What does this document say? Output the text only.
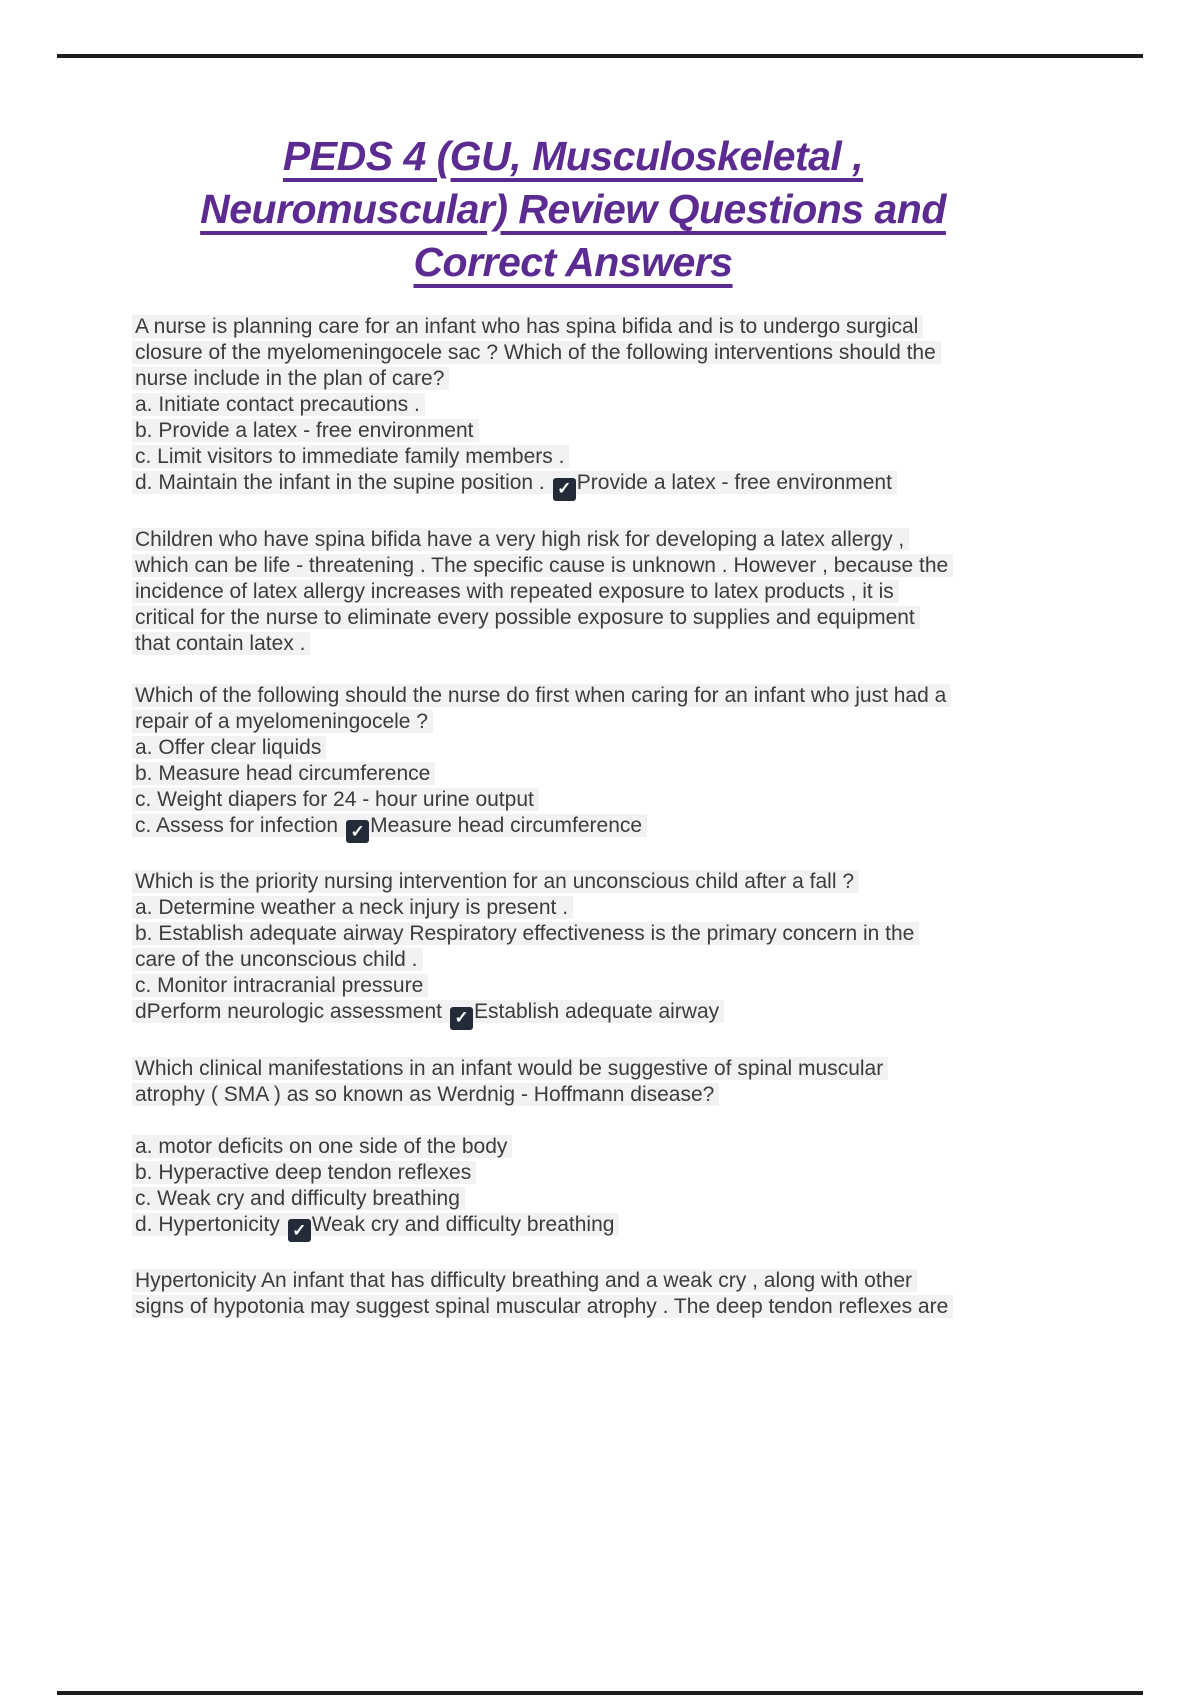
PEDS 4 (GU, Musculoskeletal ,
Neuromuscular) Review Questions and
Correct Answers
A nurse is planning care for an infant who has spina bifida and is to undergo surgical
closure of the myelomeningocele sac ? Which of the following interventions should the
nurse include in the plan of care?
a. Initiate contact precautions .
b. Provide a latex - free environment
c. Limit visitors to immediate family members .
d. Maintain the infant in the supine position . ✓ Provide a latex - free environment
Children who have spina bifida have a very high risk for developing a latex allergy ,
which can be life - threatening . The specific cause is unknown . However , because the
incidence of latex allergy increases with repeated exposure to latex products , it is
critical for the nurse to eliminate every possible exposure to supplies and equipment
that contain latex .
Which of the following should the nurse do first when caring for an infant who just had a
repair of a myelomeningocele ?
a. Offer clear liquids
b. Measure head circumference
c. Weight diapers for 24 - hour urine output
c. Assess for infection ✓ Measure head circumference
Which is the priority nursing intervention for an unconscious child after a fall ?
a. Determine weather a neck injury is present .
b. Establish adequate airway Respiratory effectiveness is the primary concern in the
care of the unconscious child .
c. Monitor intracranial pressure
dPerform neurologic assessment ✓ Establish adequate airway
Which clinical manifestations in an infant would be suggestive of spinal muscular
atrophy ( SMA ) as so known as Werdnig - Hoffmann disease?
a. motor deficits on one side of the body
b. Hyperactive deep tendon reflexes
c. Weak cry and difficulty breathing
d. Hypertonicity ✓ Weak cry and difficulty breathing
Hypertonicity An infant that has difficulty breathing and a weak cry , along with other
signs of hypotonia may suggest spinal muscular atrophy . The deep tendon reflexes are
